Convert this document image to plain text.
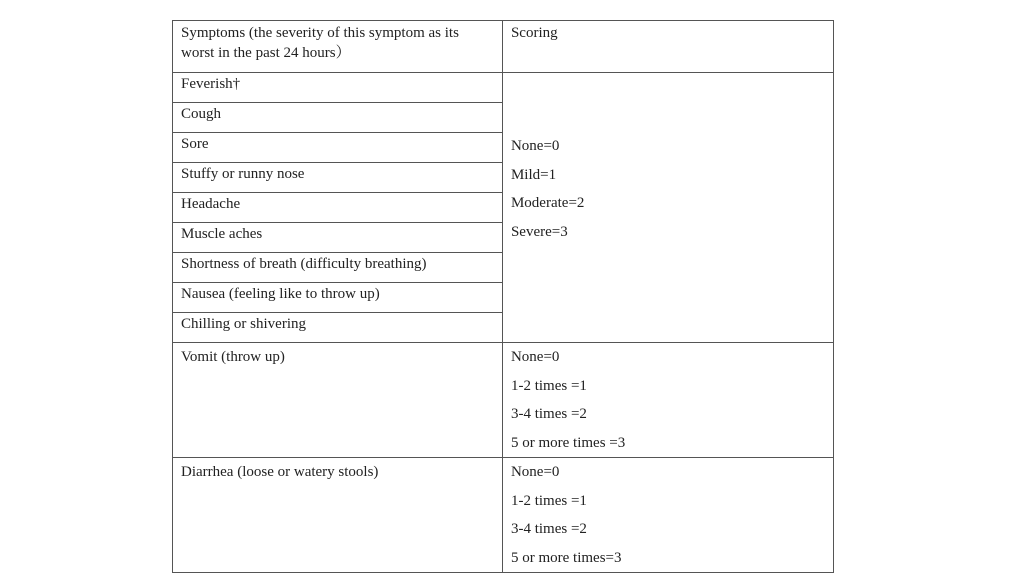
Symptoms (the severity of this symptom as its worst in the past 24 hours）	Scoring

Feverish†	None=0
Mild=1
Moderate=2
Severe=3

Cough	

Sore	

Stuffy or runny nose	

Headache	

Muscle aches	

Shortness of breath (difficulty breathing)	

Nausea (feeling like to throw up)	

Chilling or shivering	

Vomit (throw up)	None=0
1-2 times =1
3-4 times =2
5 or more times =3

Diarrhea (loose or watery stools)	None=0
1-2 times =1
3-4 times =2
5 or more times=3
